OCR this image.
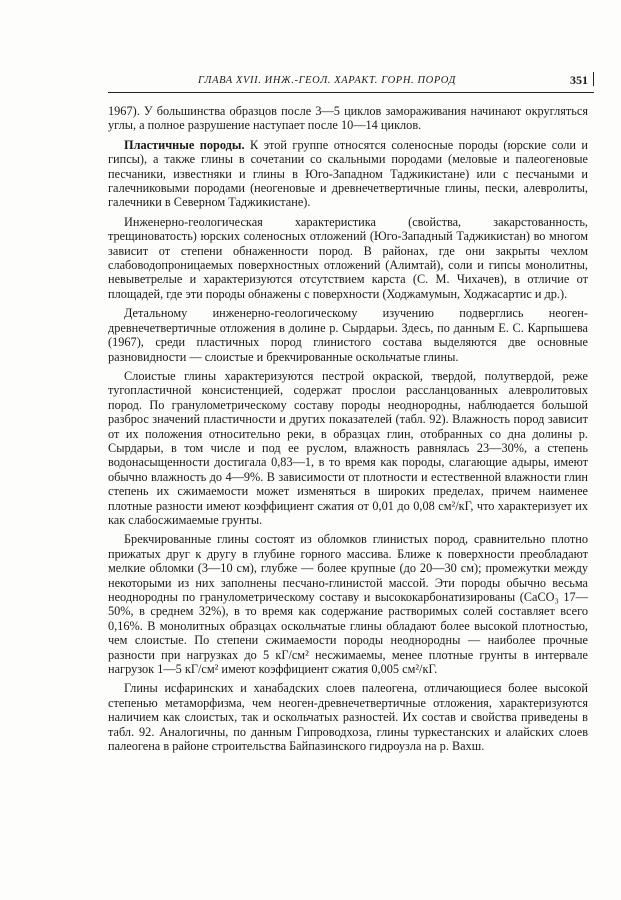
ГЛАВА XVII. ИНЖ.-ГЕОЛ. ХАРАКТ. ГОРН. ПОРОД	351

1967). У большинства образцов после 3—5 циклов замораживания начинают округляться углы, а полное разрушение наступает после 10—14 циклов.

Пластичные породы. К этой группе относятся соленосные породы (юрские соли и гипсы), а также глины в сочетании со скальными породами (меловые и палеогеновые песчаники, известняки и глины в Юго-Западном Таджикистане) или с песчаными и галечниковыми породами (неогеновые и древнечетвертичные глины, пески, алевролиты, галечники в Северном Таджикистане).

Инженерно-геологическая характеристика (свойства, закарстованность, трещиноватость) юрских соленосных отложений (Юго-Западный Таджикистан) во многом зависит от степени обнаженности пород. В районах, где они закрыты чехлом слабоводопроницаемых поверхностных отложений (Алимтай), соли и гипсы монолитны, невыветрелые и характеризуются отсутствием карста (С. М. Чихачев), в отличие от площадей, где эти породы обнажены с поверхности (Ходжамумын, Ходжасартис и др.).

Детальному инженерно-геологическому изучению подверглись неоген-древнечетвертичные отложения в долине р. Сырдарьи. Здесь, по данным Е. С. Карпышева (1967), среди пластичных пород глинистого состава выделяются две основные разновидности — слоистые и брекчированные оскольчатые глины.

Слоистые глины характеризуются пестрой окраской, твердой, полутвердой, реже тугопластичной консистенцией, содержат прослои рассланцованных алевролитовых пород. По гранулометрическому составу породы неоднородны, наблюдается большой разброс значений пластичности и других показателей (табл. 92). Влажность пород зависит от их положения относительно реки, в образцах глин, отобранных со дна долины р. Сырдарьи, в том числе и под ее руслом, влажность равнялась 23—30%, а степень водонасыщенности достигала 0,83—1, в то время как породы, слагающие адыры, имеют обычно влажность до 4—9%. В зависимости от плотности и естественной влажности глин степень их сжимаемости может изменяться в широких пределах, причем наименее плотные разности имеют коэффициент сжатия от 0,01 до 0,08 см²/кГ, что характеризует их как слабосжимаемые грунты.

Брекчированные глины состоят из обломков глинистых пород, сравнительно плотно прижатых друг к другу в глубине горного массива. Ближе к поверхности преобладают мелкие обломки (3—10 см), глубже — более крупные (до 20—30 см); промежутки между некоторыми из них заполнены песчано-глинистой массой. Эти породы обычно весьма неоднородны по гранулометрическому составу и высококарбонатизированы (CaCO₃ 17—50%, в среднем 32%), в то время как содержание растворимых солей составляет всего 0,16%. В монолитных образцах оскольчатые глины обладают более высокой плотностью, чем слоистые. По степени сжимаемости породы неоднородны — наиболее прочные разности при нагрузках до 5 кГ/см² несжимаемы, менее плотные грунты в интервале нагрузок 1—5 кГ/см² имеют коэффициент сжатия 0,005 см²/кГ.

Глины исфаринских и ханабадских слоев палеогена, отличающиеся более высокой степенью метаморфизма, чем неоген-древнечетвертичные отложения, характеризуются наличием как слоистых, так и оскольчатых разностей. Их состав и свойства приведены в табл. 92. Аналогичны, по данным Гипроводхоза, глины туркестанских и алайских слоев палеогена в районе строительства Байпазинского гидроузла на р. Вахш.
